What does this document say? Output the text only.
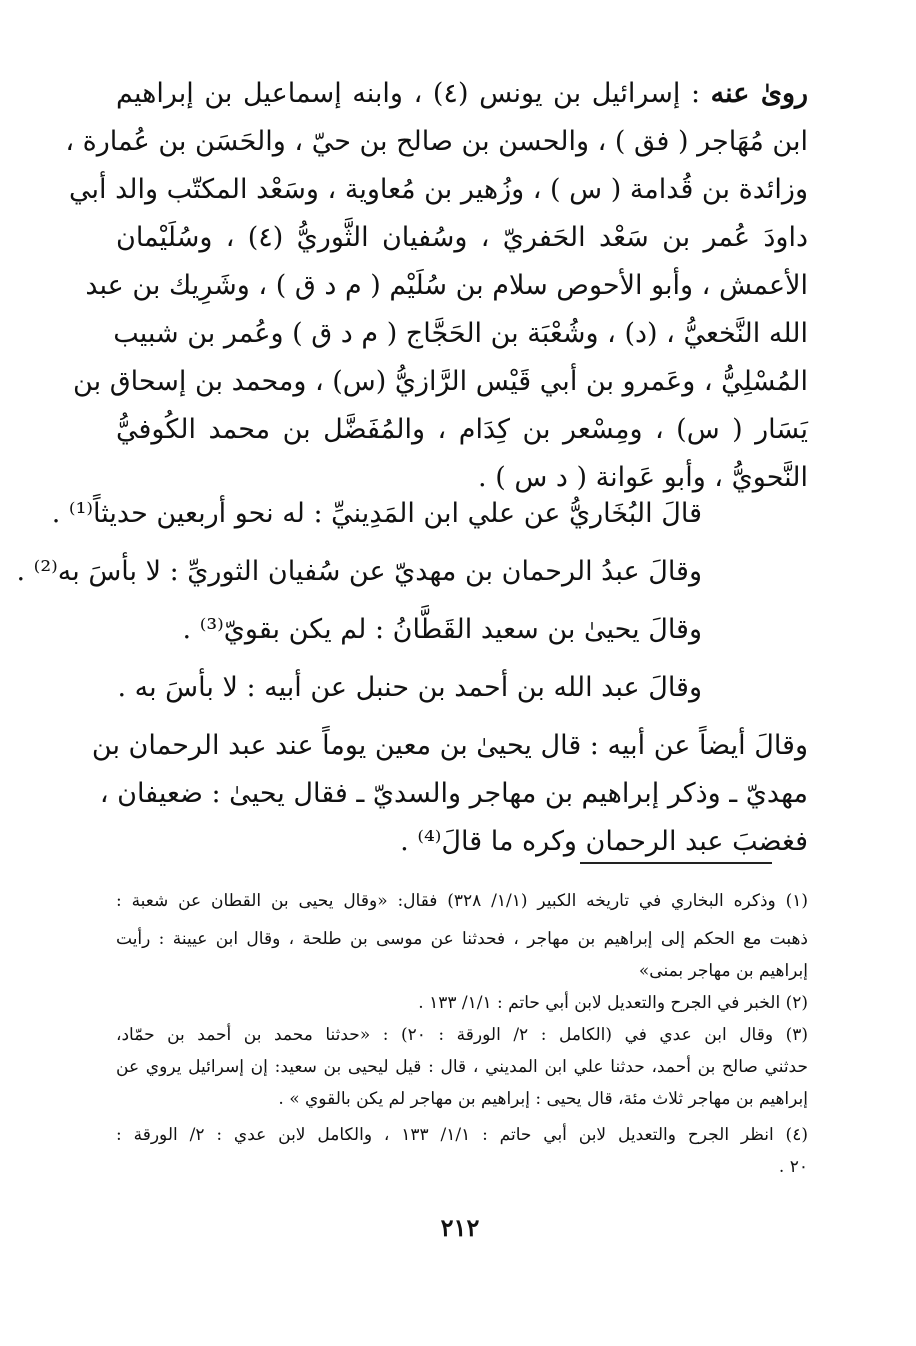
روىٰ عنه : إسرائيل بن يونس (٤) ، وابنه إسماعيل بن إبراهيم
ابن مُهَاجر ( فق ) ، والحسن بن صالح بن حيّ ، والحَسَن بن عُمارة ،
وزائدة بن قُدامة ( س ) ، وزُهير بن مُعاوية ، وسَعْد المكتّب والد أبي
داودَ عُمر بن سَعْد الحَفريّ ، وسُفيان الثَّوريُّ (٤) ، وسُلَيْمان
الأعمش ، وأبو الأحوص سلام بن سُلَيْم ( م د ق ) ، وشَرِيك بن عبد
الله النَّخعيُّ ، (د) ، وشُعْبَة بن الحَجَّاج ( م د ق ) وعُمر بن شبيب
المُسْلِيُّ ، وعَمرو بن أبي قَيْس الرَّازيُّ (س) ، ومحمد بن إسحاق بن
يَسَار ( س) ، ومِسْعر بن كِدَام ، والمُفَضَّل بن محمد الكُوفيُّ
النَّحويُّ ، وأبو عَوانة ( د س ) .
قالَ البُخَاريُّ عن علي ابن المَدِينيِّ : له نحو أربعين حديثاً⁽¹⁾ .
وقالَ عبدُ الرحمان بن مهديّ عن سُفيان الثوريِّ : لا بأسَ به⁽²⁾ .
وقالَ يحيىٰ بن سعيد القَطَّانُ : لم يكن بقويّ⁽³⁾ .
وقالَ عبد الله بن أحمد بن حنبل عن أبيه : لا بأسَ به .
وقالَ أيضاً عن أبيه : قال يحيىٰ بن معين يوماً عند عبد الرحمان بن
مهديّ ـ وذكر إبراهيم بن مهاجر والسديّ ـ فقال يحيىٰ : ضعيفان ،
فغضبَ عبد الرحمان وكره ما قالَ⁽⁴⁾ .
(١) وذكره البخاري في تاريخه الكبير (١/١/ ٣٢٨) فقال: «وقال يحيى بن القطان عن شعبة :
ذهبت مع الحكم إلى إبراهيم بن مهاجر ، فحدثنا عن موسى بن طلحة ، وقال ابن عيينة : رأيت
إبراهيم بن مهاجر بمنى»
(٢) الخبر في الجرح والتعديل لابن أبي حاتم : ١/١/ ١٣٣ .
(٣) وقال ابن عدي في (الكامل : ٢/ الورقة : ٢٠) : «حدثنا محمد بن أحمد بن حمّاد،
حدثني صالح بن أحمد، حدثنا علي ابن المديني ، قال : قيل ليحيى بن سعيد: إن إسرائيل يروي عن
إبراهيم بن مهاجر ثلاث مئة، قال يحيى : إبراهيم بن مهاجر لم يكن بالقوي » .
(٤) انظر الجرح والتعديل لابن أبي حاتم : ١/١/ ١٣٣ ، والكامل لابن عدي : ٢/ الورقة :
٢٠ .
٢١٢
